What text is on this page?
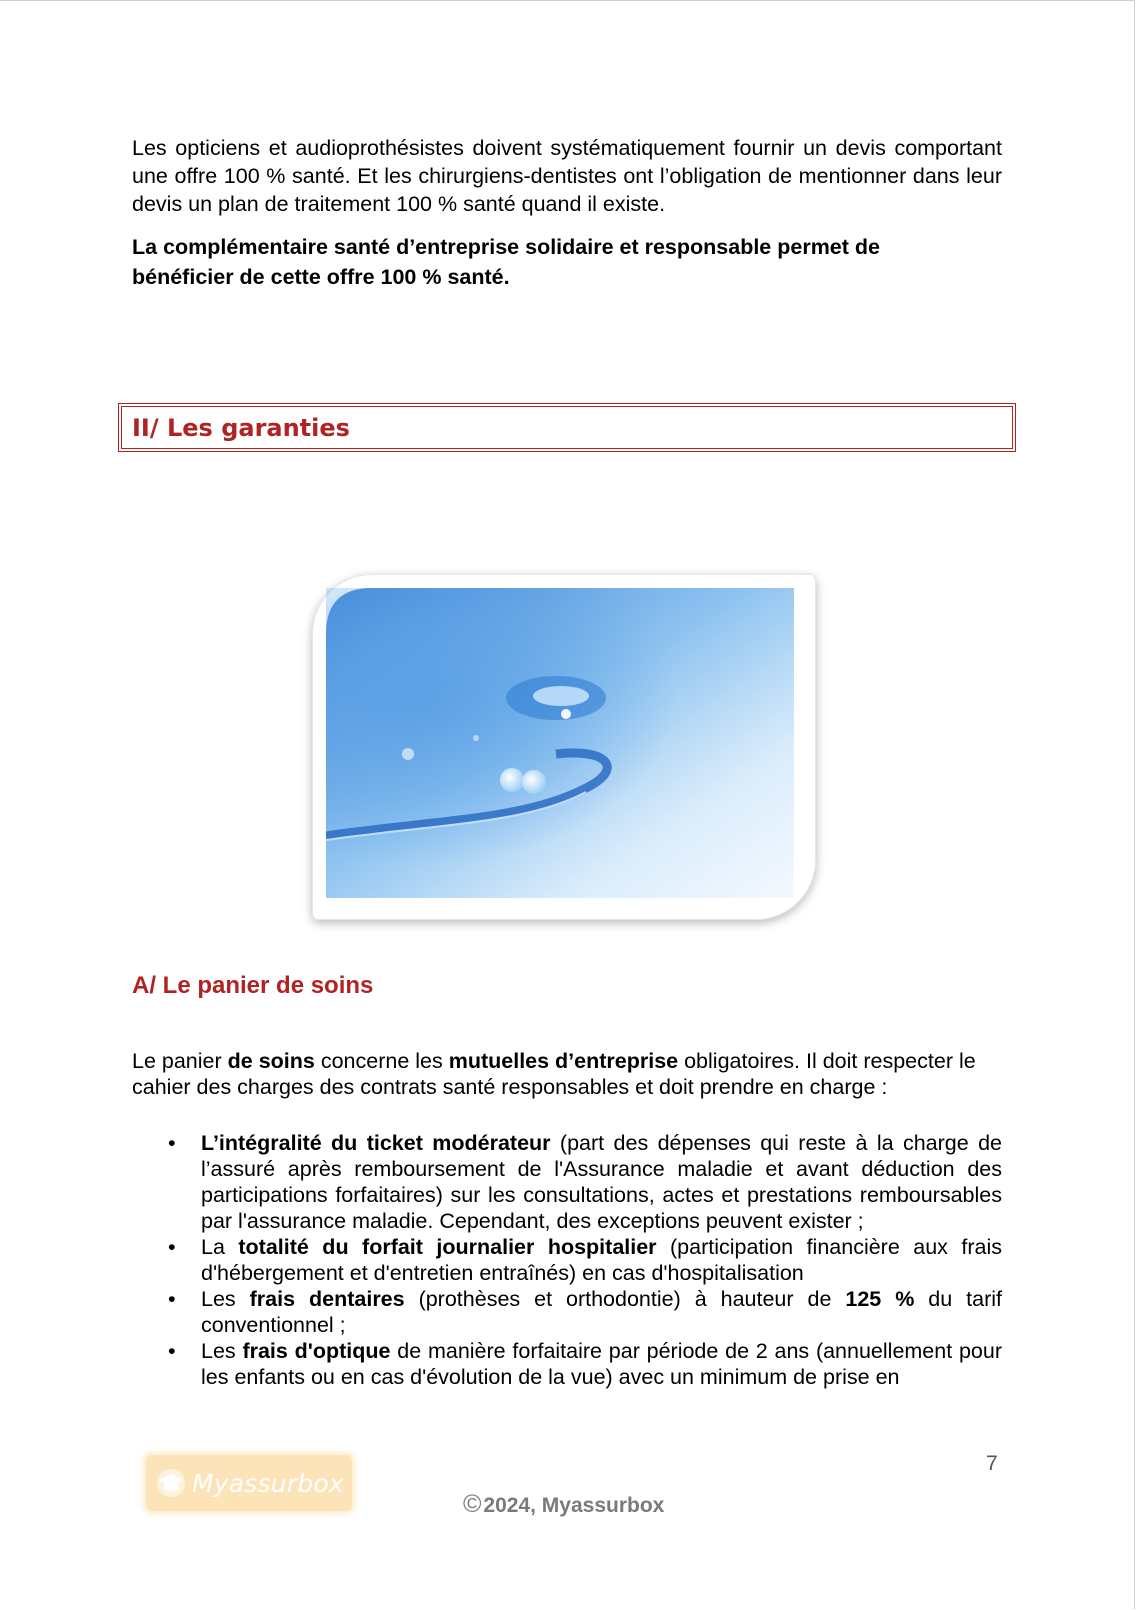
Les opticiens et audioprothésistes doivent systématiquement fournir un devis comportant une offre 100 % santé. Et les chirurgiens-dentistes ont l’obligation de mentionner dans leur devis un plan de traitement 100 % santé quand il existe.

La complémentaire santé d’entreprise solidaire et responsable permet de bénéficier de cette offre 100 % santé.

II/ Les garanties
A/ Le panier de soins

Le panier de soins concerne les mutuelles d’entreprise obligatoires. Il doit respecter le cahier des charges des contrats santé responsables et doit prendre en charge :

• L’intégralité du ticket modérateur (part des dépenses qui reste à la charge de l’assuré après remboursement de l'Assurance maladie et avant déduction des participations forfaitaires) sur les consultations, actes et prestations remboursables par l'assurance maladie. Cependant, des exceptions peuvent exister ;
• La totalité du forfait journalier hospitalier (participation financière aux frais d'hébergement et d'entretien entraînés) en cas d'hospitalisation
• Les frais dentaires (prothèses et orthodontie) à hauteur de 125 % du tarif conventionnel ;
• Les frais d'optique de manière forfaitaire par période de 2 ans (annuellement pour les enfants ou en cas d'évolution de la vue) avec un minimum de prise en
7
Myassurbox
© 2024, Myassurbox
